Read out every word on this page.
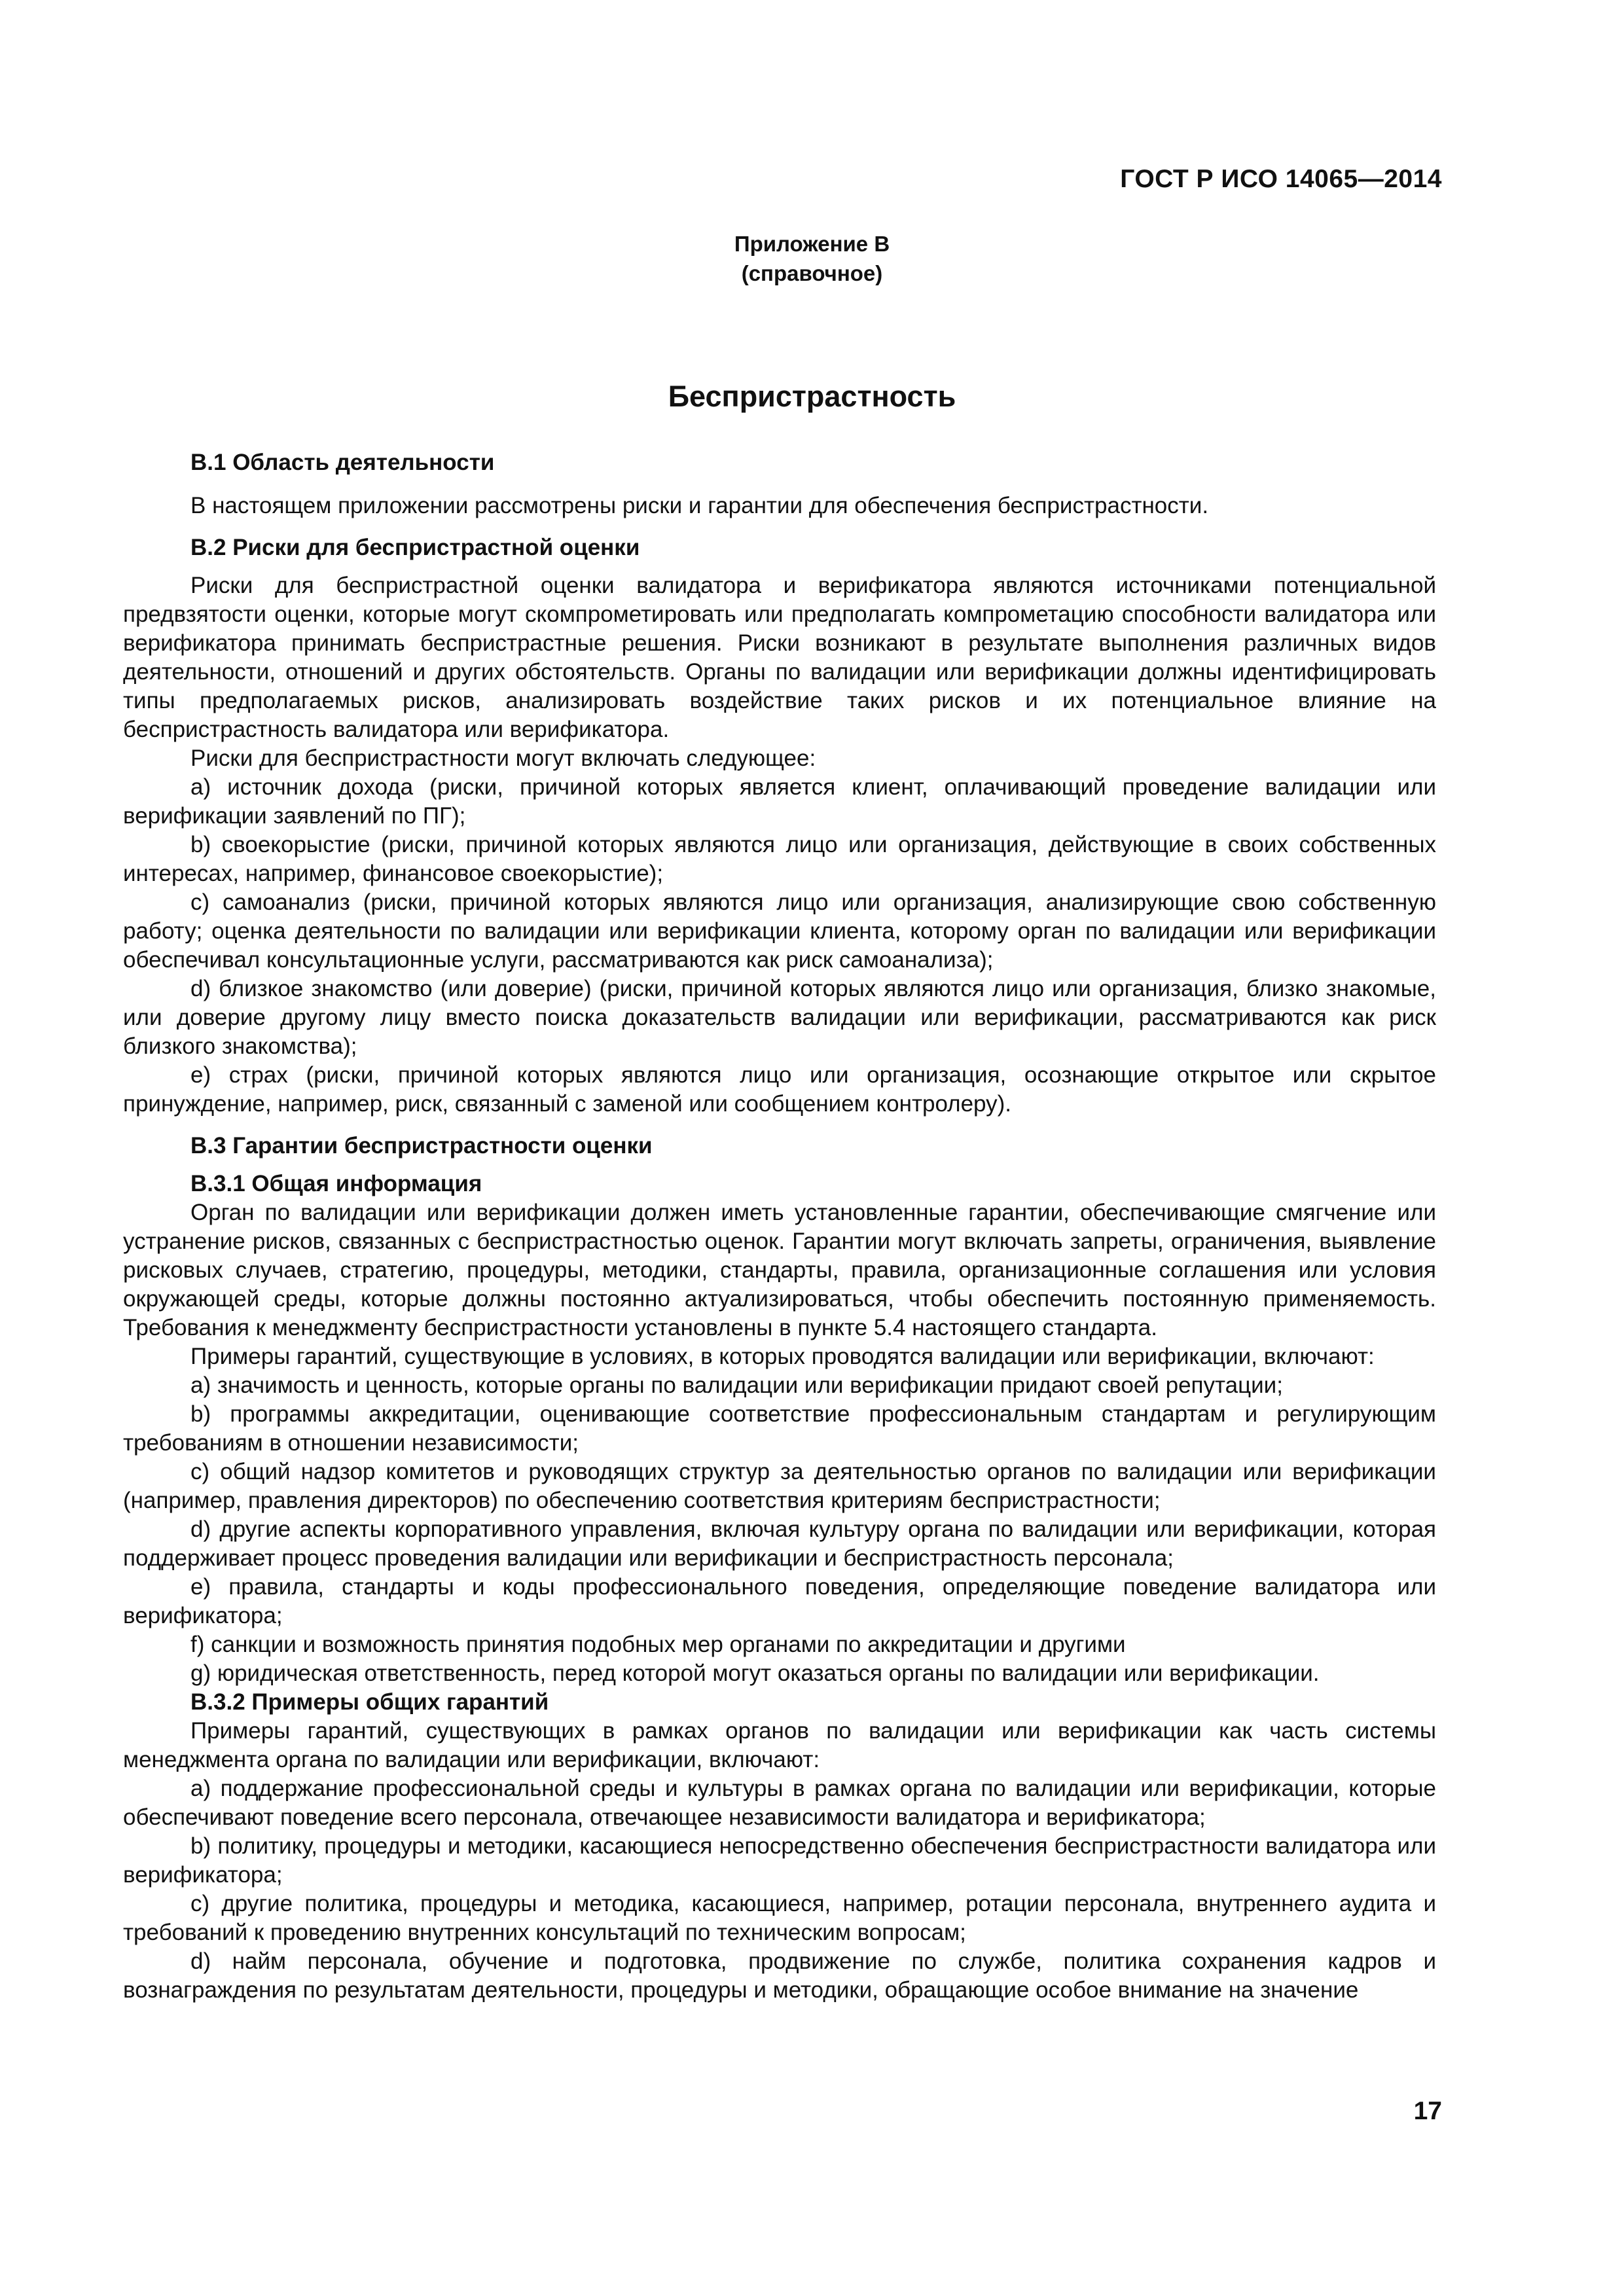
ГОСТ Р ИСО 14065—2014
Приложение В
(справочное)
Беспристрастность

В.1 Область деятельности

В настоящем приложении рассмотрены риски и гарантии для обеспечения беспристрастности.

В.2 Риски для беспристрастной оценки

Риски для беспристрастной оценки валидатора и верификатора являются источниками потенциальной предвзятости оценки, которые могут скомпрометировать или предполагать компрометацию способности валидатора или верификатора принимать беспристрастные решения. Риски возникают в результате выполнения различных видов деятельности, отношений и других обстоятельств. Органы по валидации или верификации должны идентифицировать типы предполагаемых рисков, анализировать воздействие таких рисков и их потенциальное влияние на беспристрастность валидатора или верификатора.

Риски для беспристрастности могут включать следующее:

a) источник дохода (риски, причиной которых является клиент, оплачивающий проведение валидации или верификации заявлений по ПГ);

b) своекорыстие (риски, причиной которых являются лицо или организация, действующие в своих собственных интересах, например, финансовое своекорыстие);

c) самоанализ (риски, причиной которых являются лицо или организация, анализирующие свою собственную работу; оценка деятельности по валидации или верификации клиента, которому орган по валидации или верификации обеспечивал консультационные услуги, рассматриваются как риск самоанализа);

d) близкое знакомство (или доверие) (риски, причиной которых являются лицо или организация, близко знакомые, или доверие другому лицу вместо поиска доказательств валидации или верификации, рассматриваются как риск близкого знакомства);

e) страх (риски, причиной которых являются лицо или организация, осознающие открытое или скрытое принуждение, например, риск, связанный с заменой или сообщением контролеру).

В.3 Гарантии беспристрастности оценки

В.3.1 Общая информация

Орган по валидации или верификации должен иметь установленные гарантии, обеспечивающие смягчение или устранение рисков, связанных с беспристрастностью оценок. Гарантии могут включать запреты, ограничения, выявление рисковых случаев, стратегию, процедуры, методики, стандарты, правила, организационные соглашения или условия окружающей среды, которые должны постоянно актуализироваться, чтобы обеспечить постоянную применяемость. Требования к менеджменту беспристрастности установлены в пункте 5.4 настоящего стандарта.

Примеры гарантий, существующие в условиях, в которых проводятся валидации или верификации, включают:

a) значимость и ценность, которые органы по валидации или верификации придают своей репутации;

b) программы аккредитации, оценивающие соответствие профессиональным стандартам и регулирующим требованиям в отношении независимости;

c) общий надзор комитетов и руководящих структур за деятельностью органов по валидации или верификации (например, правления директоров) по обеспечению соответствия критериям беспристрастности;

d) другие аспекты корпоративного управления, включая культуру органа по валидации или верификации, которая поддерживает процесс проведения валидации или верификации и беспристрастность персонала;

e) правила, стандарты и коды профессионального поведения, определяющие поведение валидатора или верификатора;

f) санкции и возможность принятия подобных мер органами по аккредитации и другими

g) юридическая ответственность, перед которой могут оказаться органы по валидации или верификации.

В.3.2 Примеры общих гарантий

Примеры гарантий, существующих в рамках органов по валидации или верификации как часть системы менеджмента органа по валидации или верификации, включают:

a) поддержание профессиональной среды и культуры в рамках органа по валидации или верификации, которые обеспечивают поведение всего персонала, отвечающее независимости валидатора и верификатора;

b) политику, процедуры и методики, касающиеся непосредственно обеспечения беспристрастности валидатора или верификатора;

c) другие политика, процедуры и методика, касающиеся, например, ротации персонала, внутреннего аудита и требований к проведению внутренних консультаций по техническим вопросам;

d) найм персонала, обучение и подготовка, продвижение по службе, политика сохранения кадров и вознаграждения по результатам деятельности, процедуры и методики, обращающие особое внимание на значение

17
